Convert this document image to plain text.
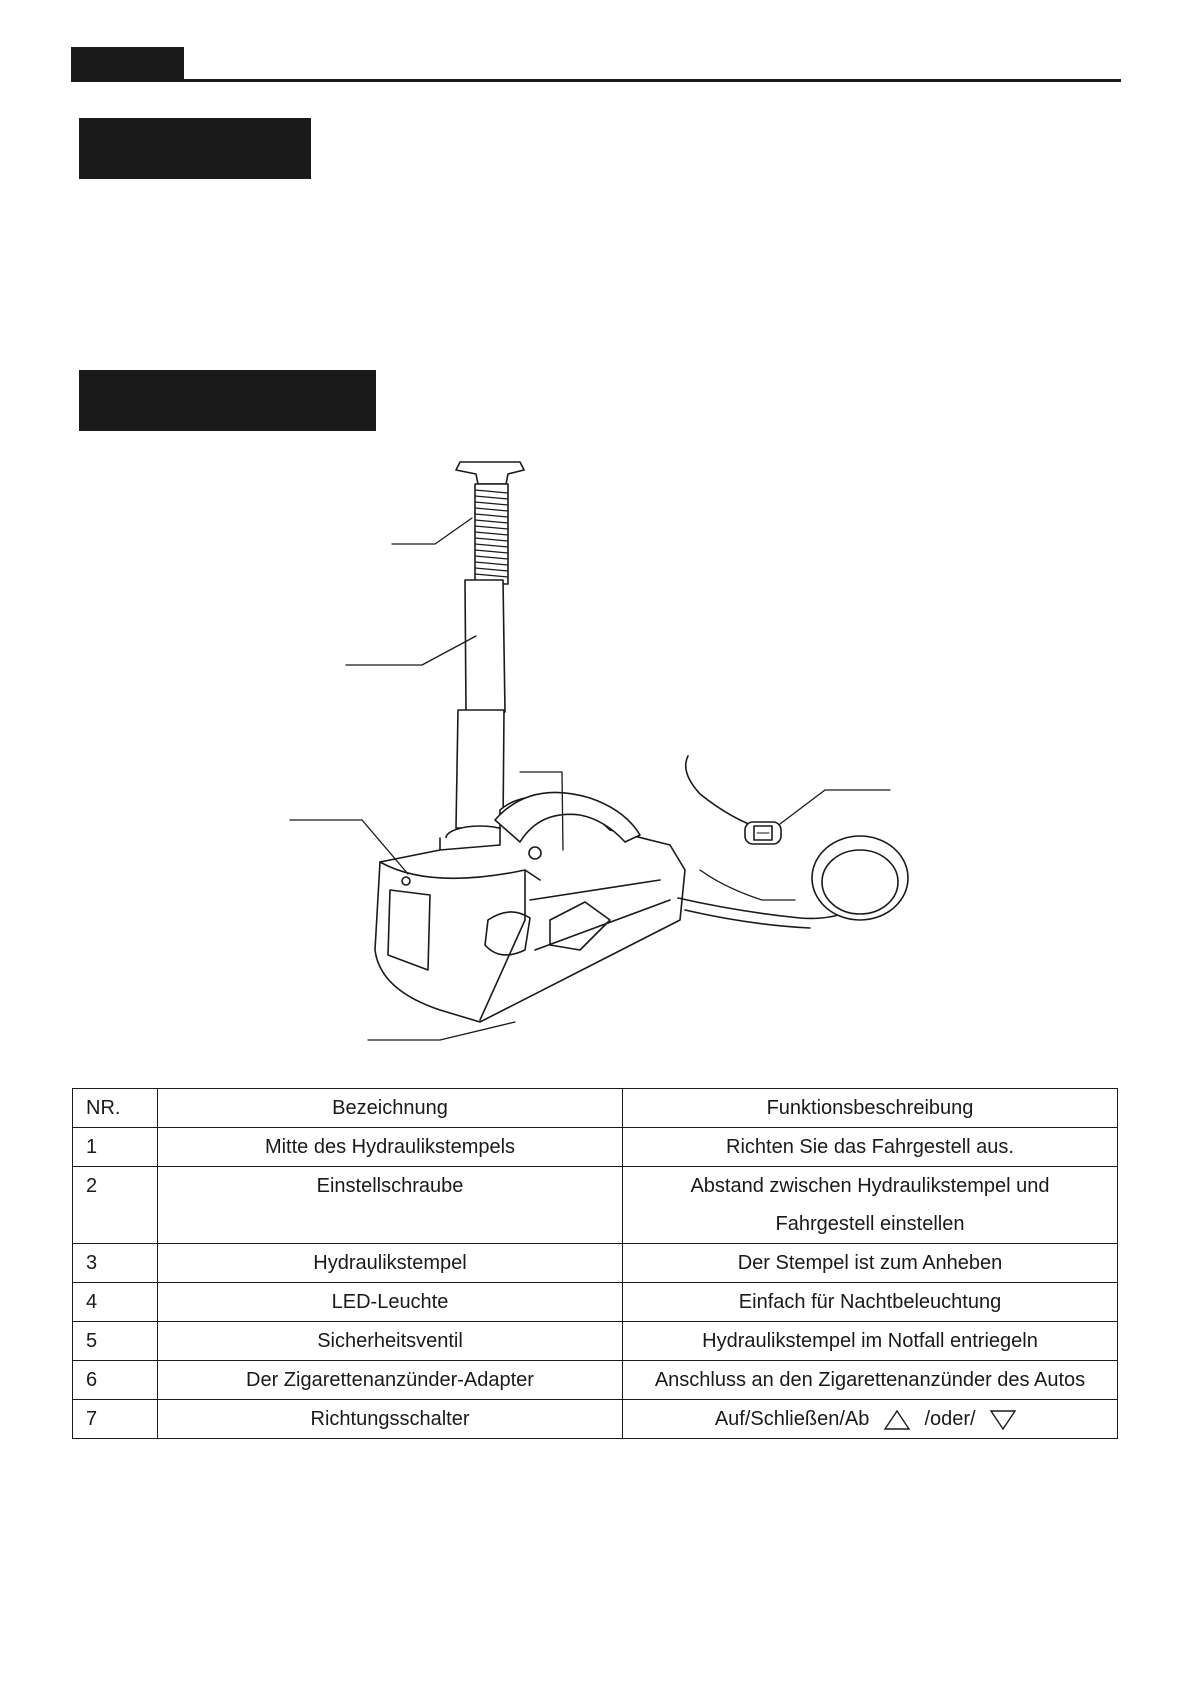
NR.	Bezeichnung	Funktionsbeschreibung
1	Mitte des Hydraulikstempels	Richten Sie das Fahrgestell aus.
2	Einstellschraube	Abstand zwischen Hydraulikstempel und
Fahrgestell einstellen

3	Hydraulikstempel	Der Stempel ist zum Anheben
4	LED-Leuchte	Einfach für Nachtbeleuchtung
5	Sicherheitsventil	Hydraulikstempel im Notfall entriegeln
6	Der Zigarettenanzünder-Adapter	Anschluss an den Zigarettenanzünder des Autos
7	Richtungsschalter	Auf/Schließen/Ab /oder/
